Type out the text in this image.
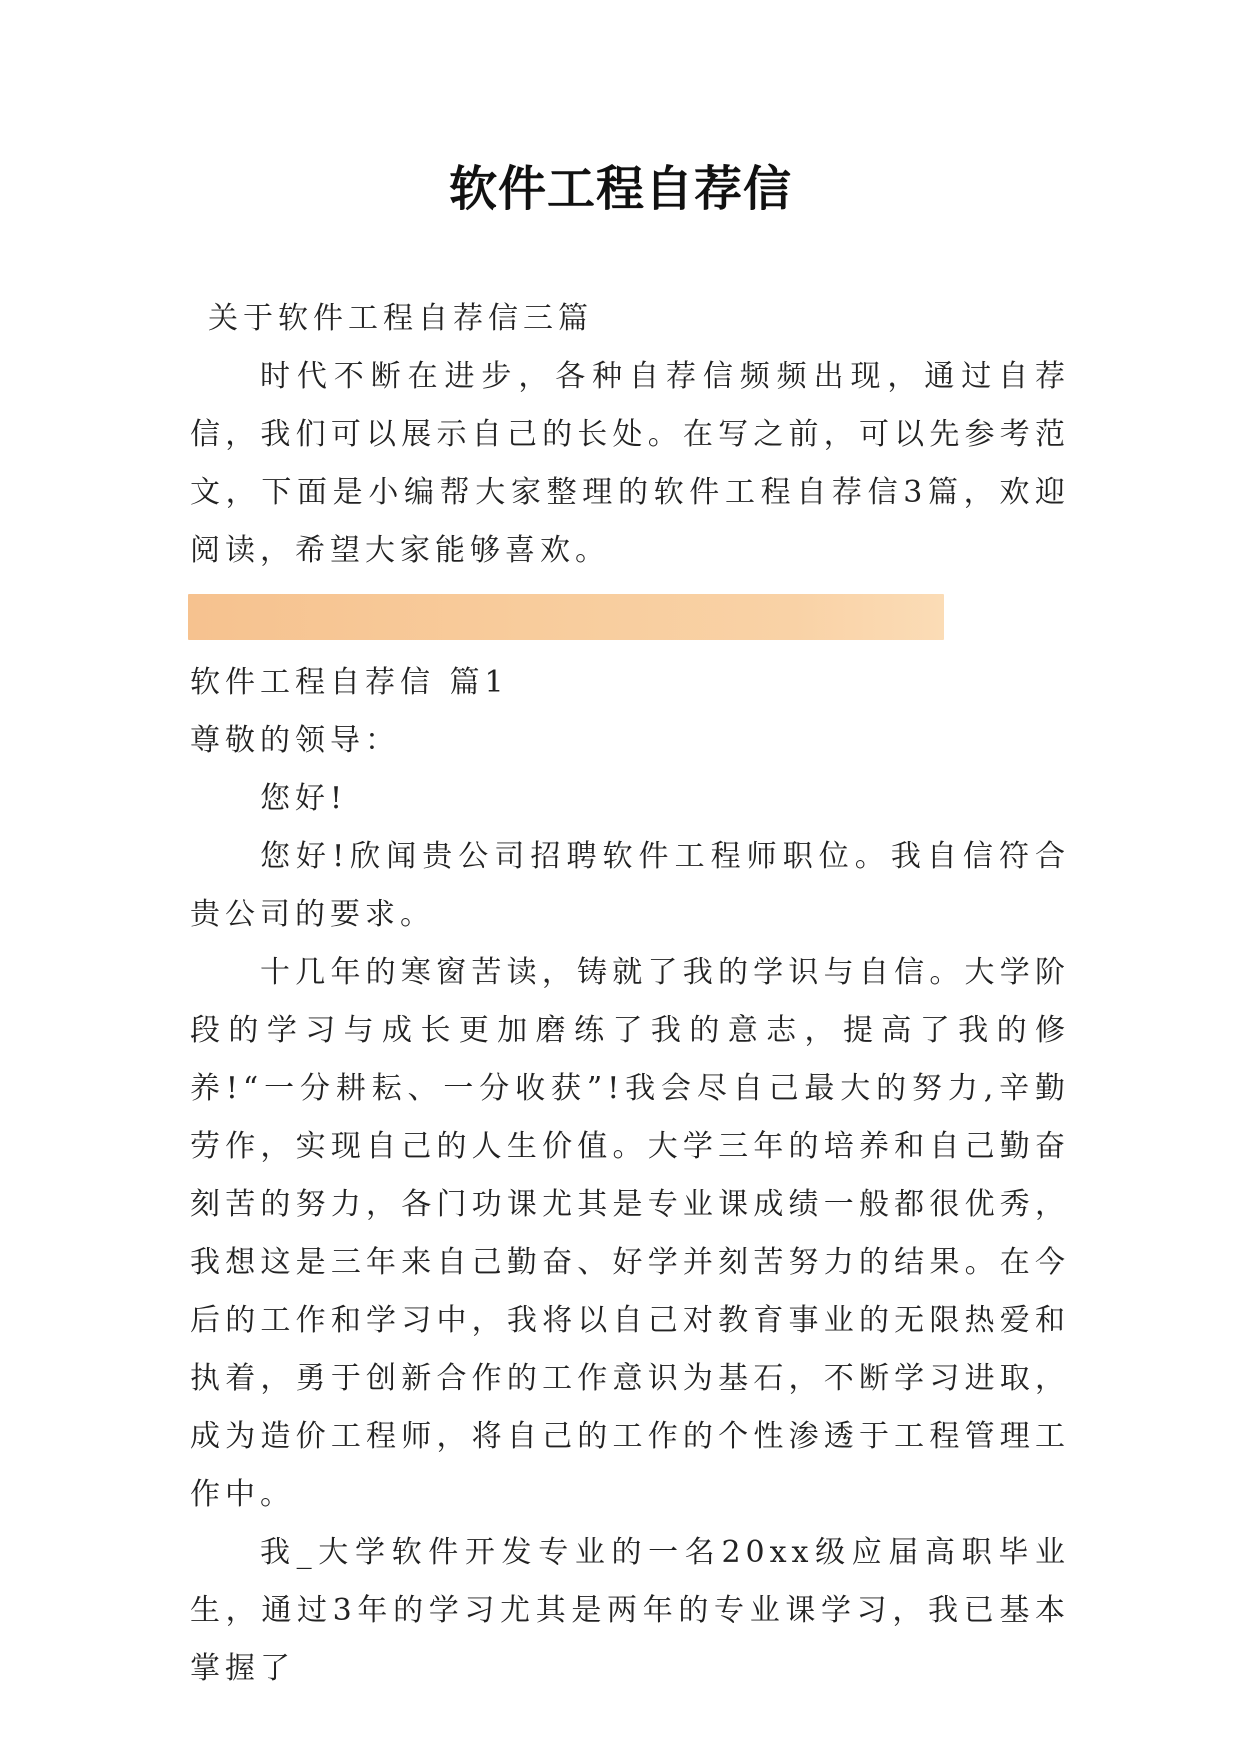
软件工程自荐信

关于软件工程自荐信三篇

时代不断在进步，各种自荐信频频出现，通过自荐信，我们可以展示自己的长处。在写之前，可以先参考范文，下面是小编帮大家整理的软件工程自荐信3篇，欢迎阅读，希望大家能够喜欢。

软件工程自荐信 篇1

尊敬的领导：

您好!

您好!欣闻贵公司招聘软件工程师职位。我自信符合贵公司的要求。

十几年的寒窗苦读，铸就了我的学识与自信。大学阶段的学习与成长更加磨练了我的意志，提高了我的修养!“一分耕耘、一分收获”!我会尽自己最大的努力,辛勤劳作，实现自己的人生价值。大学三年的培养和自己勤奋刻苦的努力，各门功课尤其是专业课成绩一般都很优秀，我想这是三年来自己勤奋、好学并刻苦努力的结果。在今后的工作和学习中，我将以自己对教育事业的无限热爱和执着，勇于创新合作的工作意识为基石，不断学习进取，成为造价工程师，将自己的工作的个性渗透于工程管理工作中。

我_大学软件开发专业的一名20xx级应届高职毕业生，通过3年的学习尤其是两年的专业课学习，我已基本掌握了
